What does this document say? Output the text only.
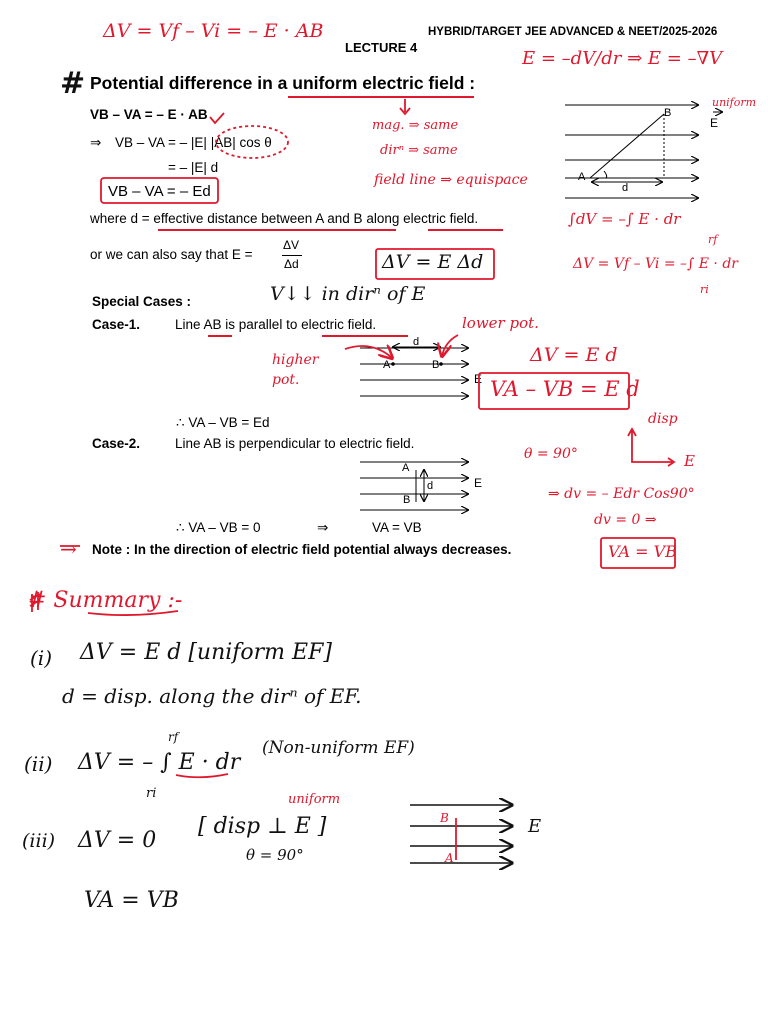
HYBRID/TARGET JEE ADVANCED & NEET/2025-2026
LECTURE 4
# Potential difference in a uniform electric field :
VB – VA = – E · AB
⇒ VB – VA = – |E| |AB| cos θ
= – |E| d
VB – VA = – Ed
where d = effective distance between A and B along electric field.
or we can also say that E =
ΔV
Δd
Special Cases :
Case-1.	Line AB is parallel to electric field.
∴ VA – VB = Ed
Case-2.	Line AB is perpendicular to electric field.
∴ VA – VB = 0	⇒	VA = VB
→ Note : In the direction of electric field potential always decreases.
A
B
d
E
A	B
d
E
A
B
d	E
B
A
E
ΔV = Vf – Vi = – E · AB
E = –dV/dr ⇒ E = –∇V
uniform
mag. ⇒ same
dirⁿ ⇒ same
field line ⇒ equispace
∫dV = –∫ E · dr
rf
ΔV = Vf – Vi = –∫ E · dr
ri
ΔV = E Δd
V↓↓ in dirⁿ of E
lower pot.
higher pot.
ΔV = E d
VA – VB = E d
disp
E
θ = 90°
⇒ dv = – Edr Cos90°
dv = 0 ⇒
VA = VB
# Summary :-
(i) ΔV = E d [uniform EF]
d = disp. along the dirⁿ of EF.
(ii) ΔV = – ∫ E · dr
rf
ri
(Non-uniform EF)
(iii) ΔV = 0
uniform
[ disp ⊥ E ]
θ = 90°
VA = VB
